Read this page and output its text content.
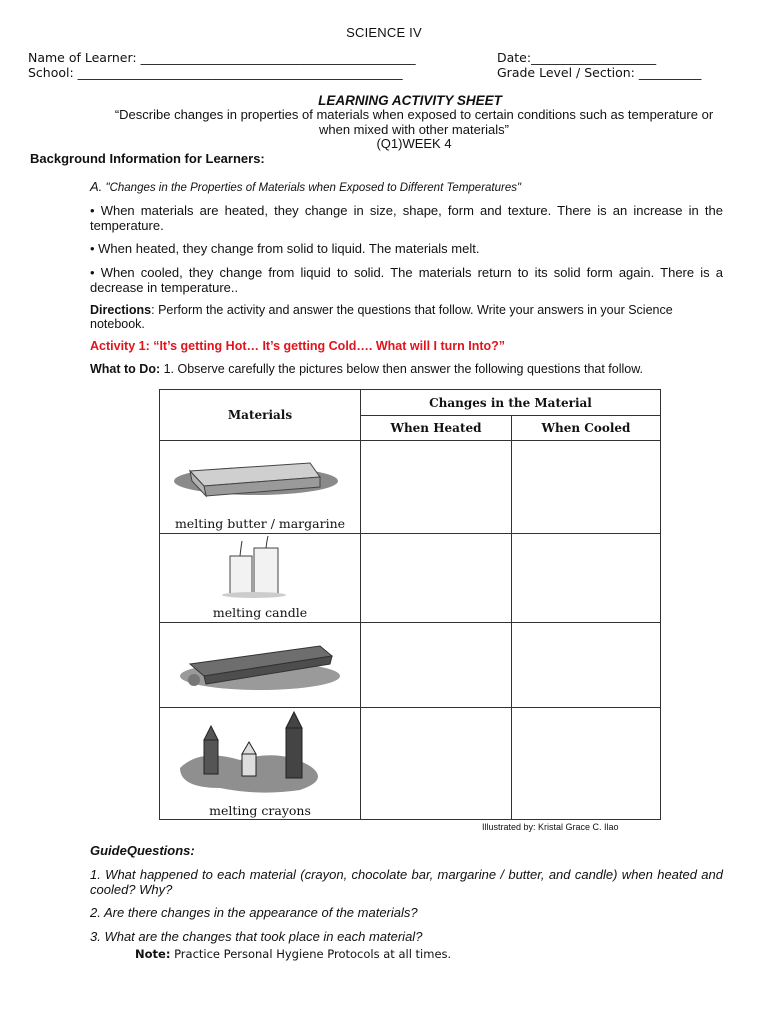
SCIENCE IV
Name of Learner: ____________________________________________	Date:____________________
School: ____________________________________________________	Grade Level / Section: __________
LEARNING ACTIVITY SHEET
“Describe changes in properties of materials when exposed to certain conditions such as temperature or when mixed with other materials”
(Q1)WEEK 4
Background Information for Learners:
A. "Changes in the Properties of Materials when Exposed to Different Temperatures"
• When materials are heated, they change in size, shape, form and texture. There is an increase in the temperature.
• When heated, they change from solid to liquid. The materials melt.
• When cooled, they change from liquid to solid. The materials return to its solid form again. There is a decrease in temperature..
Directions: Perform the activity and answer the questions that follow. Write your answers in your Science notebook.
Activity 1: “It’s getting Hot… It’s getting Cold…. What will I turn Into?”
What to Do: 1. Observe carefully the pictures below then answer the following questions that follow.
Materials	Changes in the Material	
	When Heated	When Cooled

melting butter / margarine		

melting candle		

melting crayons		

Illustrated by: Kristal Grace C. Ilao
GuideQuestions:
1. What happened to each material (crayon, chocolate bar, margarine / butter, and candle) when heated and cooled? Why?
2. Are there changes in the appearance of the materials?
3. What are the changes that took place in each material?
Note: Practice Personal Hygiene Protocols at all times.
